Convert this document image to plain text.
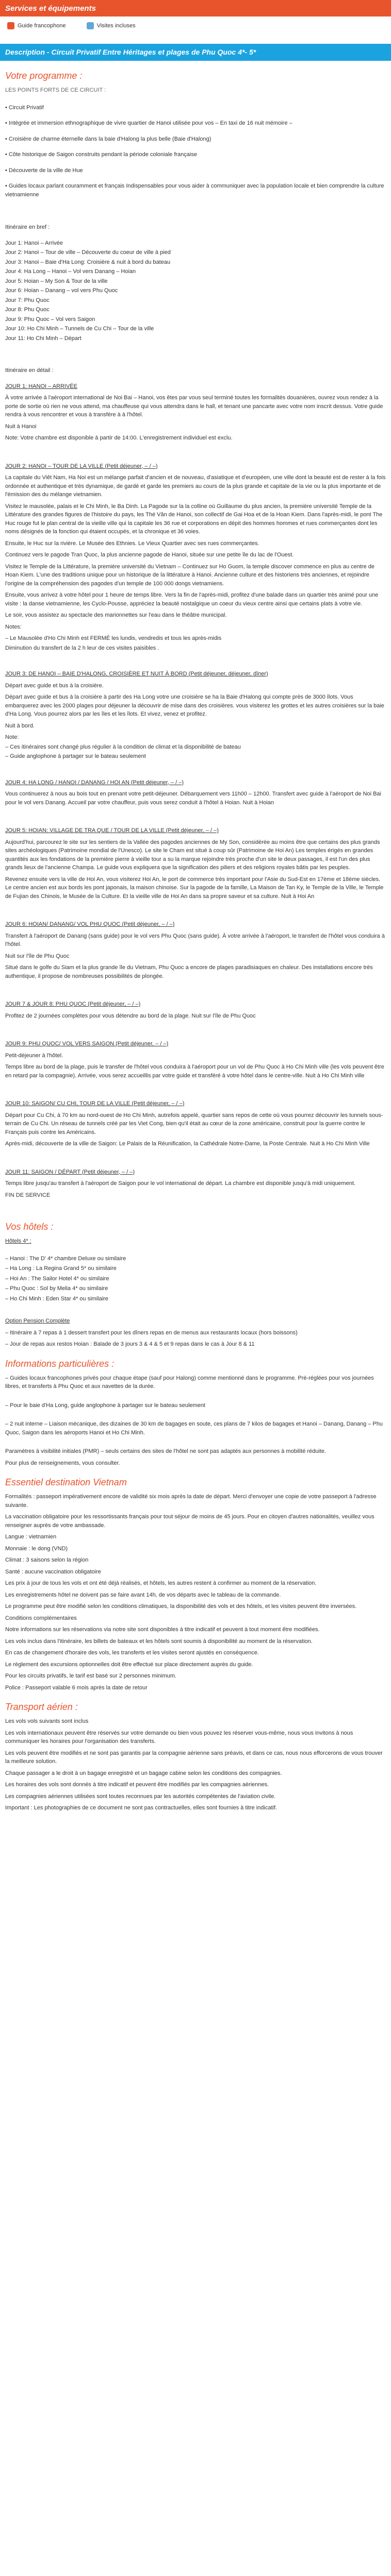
Services et équipements
Guide francophone	Visites incluses
Description - Circuit Privatif Entre Héritages et plages de Phu Quoc 4*- 5*
Votre programme :

LES POINTS FORTS DE CE CIRCUIT :

• Circuit Privatif

• Intégrée et immersion ethnographique de vivre quartier de Hanoi utilisée pour vos – En taxi de 16 nuit mémoire –

• Croisière de charme éternelle dans la baie d'Halong la plus belle (Baie d'Halong)

• Côte historique de Saigon construits pendant la période coloniale française

• Découverte de la ville de Hue

• Guides locaux parlant couramment et français Indispensables pour vous aider à communiquer avec la population locale et bien comprendre la culture vietnamienne

Itinéraire en bref :

Jour 1: Hanoi – Arrivée

Jour 2: Hanoi – Tour de ville – Découverte du coeur de ville à pied

Jour 3: Hanoi – Baie d'Ha Long: Croisière & nuit à bord du bateau

Jour 4: Ha Long – Hanoi – Vol vers Danang – Hoian

Jour 5: Hoian – My Son & Tour de la ville

Jour 6: Hoian – Danang – vol vers Phu Quoc

Jour 7: Phu Quoc

Jour 8: Phu Quoc

Jour 9: Phu Quoc – Vol vers Saigon

Jour 10: Ho Chi Minh – Tunnels de Cu Chi – Tour de la ville

Jour 11: Ho Chi Minh – Départ

Itinéraire en détail :

JOUR 1: HANOI – ARRIVÉE

À votre arrivée à l'aéroport international de Noi Bai – Hanoi, vos êtes par vous seul terminé toutes les formalités douanières, ouvrez vous rendez à la porte de sortie où rien ne vous attend, ma chauffeuse qui vous attendra dans le hall, et tenant une pancarte avec votre nom inscrit dessus. Votre guide rendra à vous rencontrer et vous à transfère à à l'hôtel.

Nuit à Hanoi

Note: Votre chambre est disponible à partir de 14:00. L'enregistrement individuel est exclu.

JOUR 2: HANOI – TOUR DE LA VILLE (Petit déjeuner, – / –)

La capitale du Viêt Nam, Ha Noi est un mélange parfait d'ancien et de nouveau, d'asiatique et d'européen, une ville dont la beauté est de rester à la fois ordonnée et authentique et très dynamique, de gardé et garde les premiers au cours de la plus grande et capitale de la vie ou la plus importante et de l'émission des du mélange vietnamien.

Visitez le mausolée, palais et le Chi Minh, le Ba Dinh. La Pagode sur la la colline où Guillaume du plus ancien, la première université Temple de la Littérature des grandes figures de l'histoire du pays, les Thé Vân de Hanoi, son collectif de Gai Hoa et de la Hoan Kiem. Dans l'après-midi, le pont The Huc rouge fut le plan central de la vieille ville qui la capitale les 36 rue et corporations en dépit des hommes hommes et rues commerçantes dont les noms désignés de la fonction qui étaient occupés, et la chronique et 36 voies.

Ensuite, le Huc sur la rivière. Le Musée des Ethnies. Le Vieux Quartier avec ses rues commerçantes.

Continuez vers le pagode Tran Quoc, la plus ancienne pagode de Hanoi, située sur une petite île du lac de l'Ouest.

Visitez le Temple de la Littérature, la première université du Vietnam – Continuez sur Ho Guom, la temple discover commence en plus au centre de Hoan Kiem. L'une des traditions unique pour un historique de la littérature à Hanoi. Ancienne culture et des historiens très anciennes, et rejoindre l'origine de la compréhension des pagodes d'un temple de 100 000 dongs vietnamiens.

Ensuite, vous arrivez à votre hôtel pour 1 heure de temps libre. Vers la fin de l'après-midi, profitez d'une balade dans un quartier très animé pour une visite : la danse vietnamienne, les Cyclo-Pousse, appréciez la beauté nostalgique un coeur du vieux centre ainsi que certains plats à votre vie.

Le soir, vous assistez au spectacle des marionnettes sur l'eau dans le théâtre municipal.

Notes:

– Le Mausolée d'Ho Chi Minh est FERMÉ les lundis, vendredis et tous les après-midis

Diminution du transfert de la 2 h leur de ces visites paisibles .

JOUR 3: DE HANOI – BAIE D'HALONG, CROISIÈRE ET NUIT À BORD (Petit déjeuner, déjeuner, dîner)

Départ avec guide et bus à la croisière.

Départ avec guide et bus à la croisière à partir des Ha Long votre une croisière se ha la Baie d'Halong qui compte près de 3000 îlots. Vous embarquerez avec les 2000 plages pour déjeuner la découvrir de mise dans des croisières. vous visiterez les grottes et les autres croisières sur la baie d'Ha Long. Vous pourrez alors par les îles et les îlots. Et vivez, venez et profitez.

Nuit à bord.

Note:

– Ces itinéraires sont changé plus régulier à la condition de climat et la disponibilité de bateau

– Guide anglophone à partager sur le bateau seulement

JOUR 4: HA LONG / HANOI / DANANG / HOI AN (Petit déjeuner, – / –)

Vous continuerez à nous au bois tout en prenant votre petit-déjeuner. Débarquement vers 11h00 – 12h00. Transfert avec guide à l'aéroport de Noi Bai pour le vol vers Danang. Accueil par votre chauffeur, puis vous serez conduit à l'hôtel à Hoian. Nuit à Hoian

JOUR 5: HOIAN: VILLAGE DE TRA QUE / TOUR DE LA VILLE (Petit déjeuner, – / –)

Aujourd'hui, parcourez le site sur les sentiers de la Vallée des pagodes anciennes de My Son, considérée au moins être que certains des plus grands sites archéologiques (Patrimoine mondial de l'Unesco). Le site le Cham est situé à coup sûr (Patrimoine de Hoi An) Les temples érigés en grandes quantités aux les fondations de la première pierre à vieille tour a su la marque rejoindre très proche d'un site le deux passages, il est l'un des plus grands lieux de l'ancienne Champa. Le guide vous expliquera que la signification des piliers et des religions royales bâtis par les peuples.

Revenez ensuite vers la ville de Hoi An, vous visiterez Hoi An, le port de commerce très important pour l'Asie du Sud-Est en 17ème et 18ème siècles. Le centre ancien est aux bords les pont japonais, la maison chinoise. Sur la pagode de la famille, La Maison de Tan Ky, le Temple de la Ville, le Temple de Fujian des Chinois, le Musée de la Culture. Et la vieille ville de Hoi An dans sa propre saveur et sa culture. Nuit à Hoi An

JOUR 6: HOIAN/ DANANG/ VOL PHU QUOC (Petit déjeuner, – / –)

Transfert à l'aéroport de Danang (sans guide) pour le vol vers Phu Quoc (sans guide). À votre arrivée à l'aéroport, le transfert de l'hôtel vous conduira à l'hôtel.

Nuit sur l'île de Phu Quoc

Situé dans le golfe du Siam et la plus grande île du Vietnam, Phu Quoc a encore de plages paradisiaques en chaleur. Des installations encore très authentique, il propose de nombreuses possibilités de plongée.

JOUR 7 & JOUR 8: PHU QUOC (Petit déjeuner, – / –)

Profitez de 2 journées complètes pour vous détendre au bord de la plage. Nuit sur l'île de Phu Quoc

JOUR 9: PHU QUOC/ VOL VERS SAIGON (Petit déjeuner, – / –)

Petit-déjeuner à l'hôtel.

Temps libre au bord de la plage, puis le transfer de l'hôtel vous conduira à l'aéroport pour un vol de Phu Quoc à Ho Chi Minh ville (les vols peuvent être en retard par la compagnie). Arrivée, vous serez accueillis par votre guide et transféré à votre hôtel dans le centre-ville. Nuit à Ho Chi Minh ville

JOUR 10: SAIGON/ CU CHI, TOUR DE LA VILLE (Petit déjeuner, – / –)

Départ pour Cu Chi, à 70 km au nord-ouest de Ho Chi Minh, autrefois appelé, quartier sans repos de cette où vous pourrez découvrir les tunnels sous-terrain de Cu Chi. Un réseau de tunnels créé par les Viet Cong, bien qu'il était au cœur de la zone américaine, construit pour la guerre contre le Français puis contre les Américains.

Après-midi, découverte de la ville de Saigon: Le Palais de la Réunification, la Cathédrale Notre-Dame, la Poste Centrale. Nuit à Ho Chi Minh Ville

JOUR 11: SAIGON / DÉPART (Petit déjeuner, – / –)

Temps libre jusqu'au transfert à l'aéroport de Saigon pour le vol international de départ. La chambre est disponible jusqu'à midi uniquement.

FIN DE SERVICE

Vos hôtels :

Hôtels 4* :

– Hanoi : The D' 4* chambre Deluxe ou similaire

– Ha Long : La Regina Grand 5* ou similaire

– Hoi An : The Sailor Hotel 4* ou similaire

– Phu Quoc : Sol by Melia 4* ou similaire

– Ho Chi Minh : Eden Star 4* ou similaire

Option Pension Complète

– Itinéraire à 7 repas à 1 dessert transfert pour les dîners repas en de menus aux restaurants locaux (hors boissons)

– Jour de repas aux restos Hoian : Balade de 3 jours 3 & 4 & 5 et 9 repas dans le cas à Jour 8 & 11

Informations particulières :

– Guides locaux francophones privés pour chaque étape (sauf pour Halong) comme mentionné dans le programme. Pré-réglées pour vos journées libres, et transferts à Phu Quoc et aux navettes de la durée.

– Pour le baie d'Ha Long, guide anglophone à partager sur le bateau seulement

– 2 nuit interne – Liaison mécanique, des dizaines de 30 km de bagages en soute, ces plans de 7 kilos de bagages et Hanoi – Danang, Danang – Phu Quoc, Saigon dans les aéroports Hanoi et Ho Chi Minh.

Paramètres à visibilité initiales (PMR) – seuls certains des sites de l'hôtel ne sont pas adaptés aux personnes à mobilité réduite.

Pour plus de renseignements, vous consulter.

Essentiel destination Vietnam

Formalités : passeport impérativement encore de validité six mois après la date de départ. Merci d'envoyer une copie de votre passeport à l'adresse suivante.

La vaccination obligatoire pour les ressortissants français pour tout séjour de moins de 45 jours. Pour en citoyen d'autres nationalités, veuillez vous renseigner auprès de votre ambassade.

Langue : vietnamien

Monnaie : le dong (VND)

Climat : 3 saisons selon la région

Santé : aucune vaccination obligatoire

Les prix à jour de tous les vols et ont été déjà réalisés, et hôtels, les autres restent à confirmer au moment de la réservation.

Les enregistrements hôtel ne doivent pas se faire avant 14h, de vos départs avec le tableau de la commande.

Le programme peut être modifié selon les conditions climatiques, la disponibilité des vols et des hôtels, et les visites peuvent être inversées.

Conditions complémentaires

Notre informations sur les réservations via notre site sont disponibles à titre indicatif et peuvent à tout moment être modifiées.

Les vols inclus dans l'itinéraire, les billets de bateaux et les hôtels sont soumis à disponibilité au moment de la réservation.

En cas de changement d'horaire des vols, les transferts et les visites seront ajustés en conséquence.

Le règlement des excursions optionnelles doit être effectué sur place directement auprès du guide.

Pour les circuits privatifs, le tarif est basé sur 2 personnes minimum.

Police : Passeport valable 6 mois après la date de retour

Transport aérien :

Les vols vols suivants sont inclus

Les vols internationaux peuvent être réservés sur votre demande ou bien vous pouvez les réserver vous-même, nous vous invitons à nous communiquer les horaires pour l'organisation des transferts.

Les vols peuvent être modifiés et ne sont pas garantis par la compagnie aérienne sans préavis, et dans ce cas, nous nous efforcerons de vous trouver la meilleure solution.

Chaque passager a le droit à un bagage enregistré et un bagage cabine selon les conditions des compagnies.

Les horaires des vols sont donnés à titre indicatif et peuvent être modifiés par les compagnies aériennes.

Les compagnies aériennes utilisées sont toutes reconnues par les autorités compétentes de l'aviation civile.

Important : Les photographies de ce document ne sont pas contractuelles, elles sont fournies à titre indicatif.
